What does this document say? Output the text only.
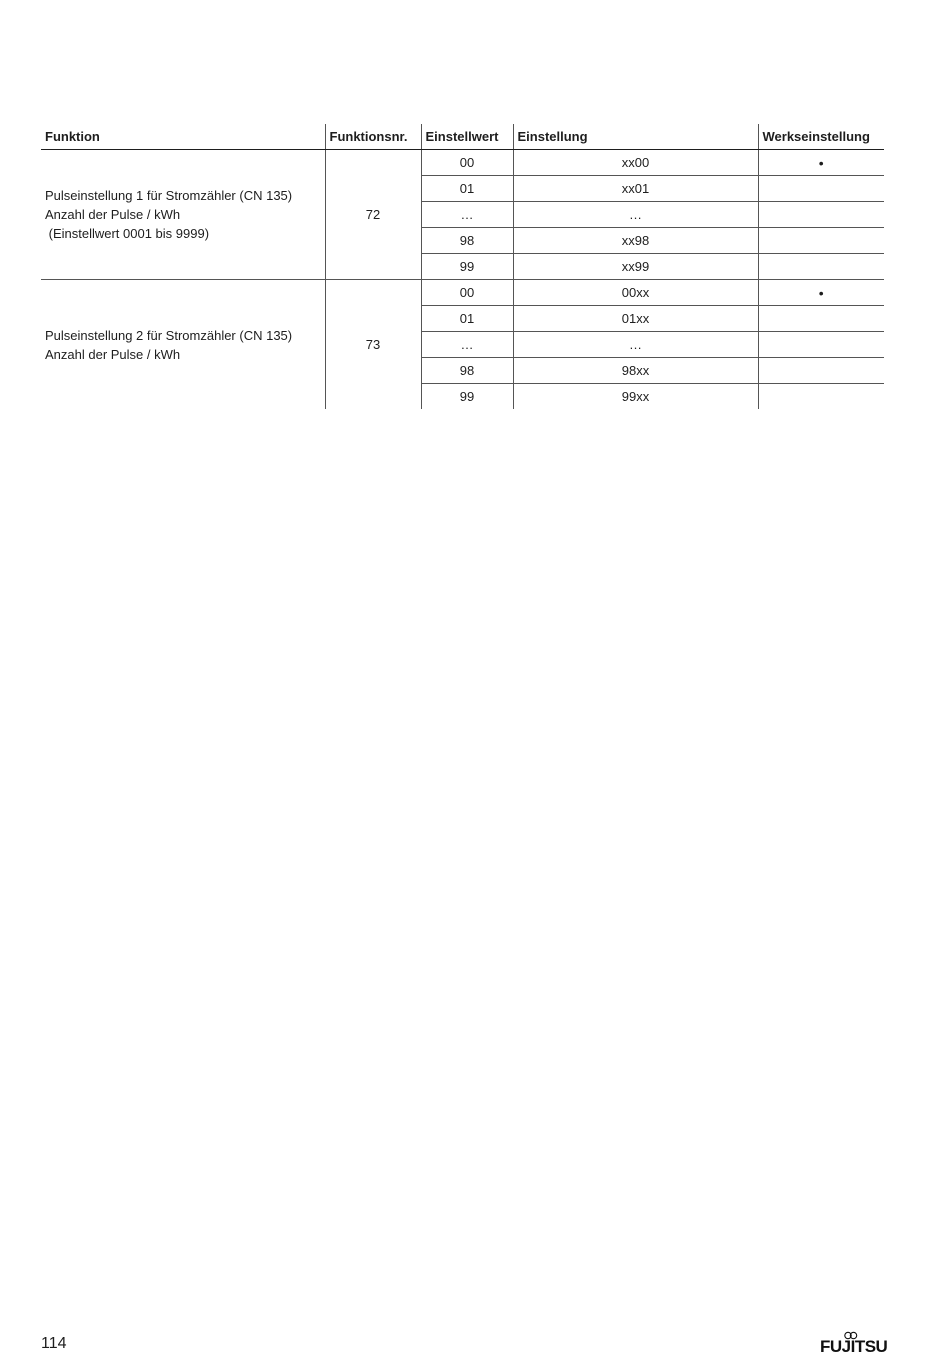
Funktion	Funktionsnr.	Einstellwert	Einstellung	Werkseinstellung

Pulseinstellung 1 für Stromzähler (CN 135)
Anzahl der Pulse / kWh
(Einstellwert 0001 bis 9999)	72	00	xx00	•
		01	xx01	
		…	…	
		98	xx98	
		99	xx99	

Pulseinstellung 2 für Stromzähler (CN 135)
Anzahl der Pulse / kWh	73	00	00xx	•
		01	01xx	
		…	…	
		98	98xx	
		99	99xx	
114	FUJITSU
